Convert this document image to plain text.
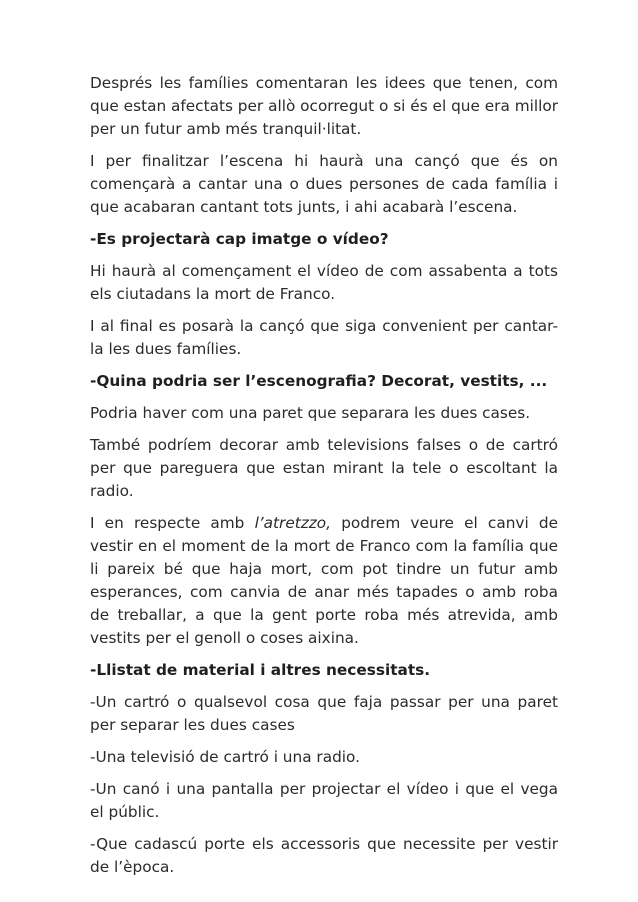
Després les famílies comentaran les idees que tenen, com que estan afectats per allò ocorregut o si és el que era millor per un futur amb més tranquil·litat.

I per finalitzar l’escena hi haurà una cançó que és on començarà a cantar una o dues persones de cada família i que acabaran cantant tots junts, i ahi acabarà l’escena.

-Es projectarà cap imatge o vídeo?

Hi haurà al començament el vídeo de com assabenta a tots els ciutadans la mort de Franco.

I al final es posarà la cançó que siga convenient per cantar-la les dues famílies.

-Quina podria ser l’escenografia? Decorat, vestits, ...

Podria haver com una paret que separara les dues cases.

També podríem decorar amb televisions falses o de cartró per que pareguera que estan mirant la tele o escoltant la radio.

I en respecte amb l’atretzzo, podrem veure el canvi de vestir en el moment de la mort de Franco com la família que li pareix bé que haja mort, com pot tindre un futur amb esperances, com canvia de anar més tapades o amb roba de treballar, a que la gent porte roba més atrevida, amb vestits per el genoll o coses aixina.

-Llistat de material i altres necessitats.

-Un cartró o qualsevol cosa que faja passar per una paret per separar les dues cases

-Una televisió de cartró i una radio.

-Un canó i una pantalla per projectar el vídeo i que el vega el públic.

-Que cadascú porte els accessoris que necessite per vestir de l’època.
